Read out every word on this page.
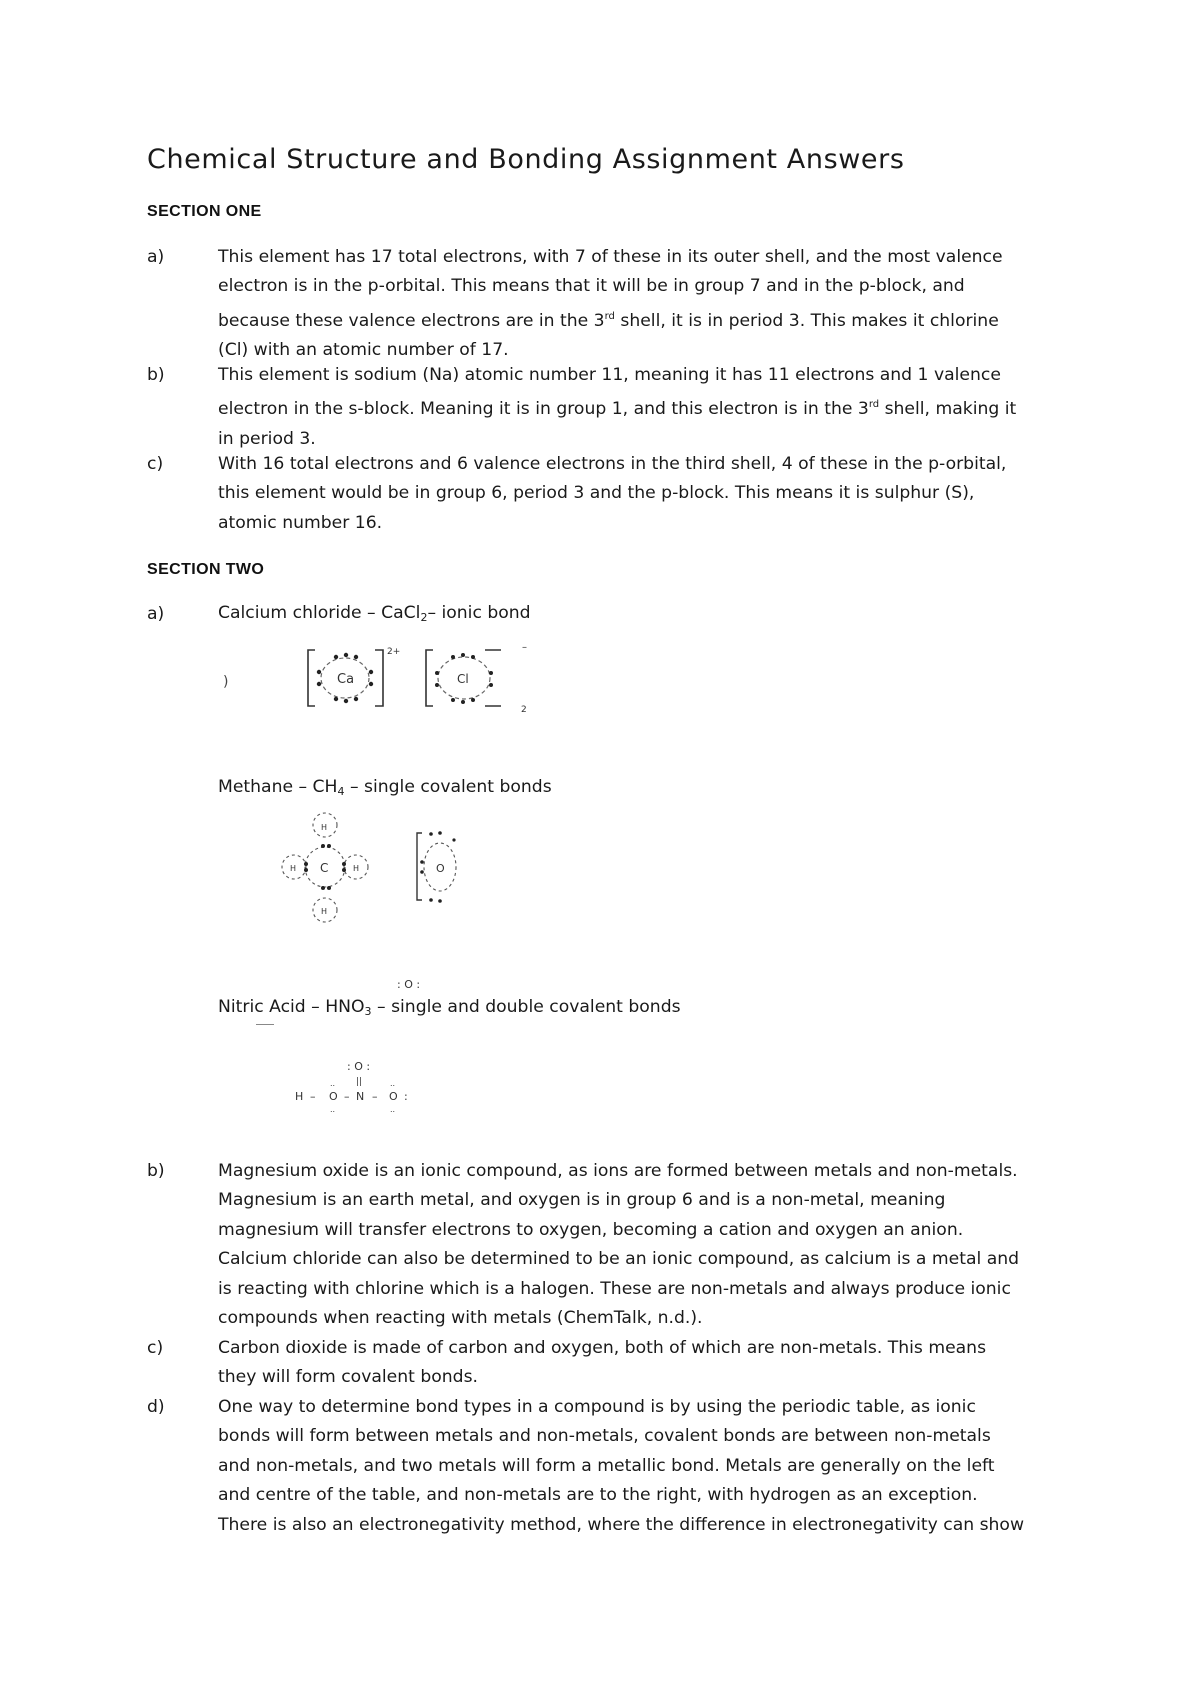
Chemical Structure and Bonding Assignment Answers
SECTION ONE
a)	This element has 17 total electrons, with 7 of these in its outer shell, and the most valence
electron is in the p-orbital. This means that it will be in group 7 and in the p-block, and
because these valence electrons are in the 3rd shell, it is in period 3. This makes it chlorine
(Cl) with an atomic number of 17.
b)	This element is sodium (Na) atomic number 11, meaning it has 11 electrons and 1 valence
electron in the s-block. Meaning it is in group 1, and this electron is in the 3rd shell, making it
in period 3.
c)	With 16 total electrons and 6 valence electrons in the third shell, 4 of these in the p-orbital,
this element would be in group 6, period 3 and the p-block. This means it is sulphur (S),
atomic number 16.
SECTION TWO
a)	Calcium chloride – CaCl$_2$– ionic bond
)	Ca
2+
Cl
–
2
Methane – $CH_4$ – single covalent bonds
H
C
H	H
H
O
: O :
Nitric Acid – $HNO_3$ – single and double covalent bonds
: O :
||
..	..
H – O – N – O :
..	..
b)	Magnesium oxide is an ionic compound, as ions are formed between metals and non-metals.
Magnesium is an earth metal, and oxygen is in group 6 and is a non-metal, meaning
magnesium will transfer electrons to oxygen, becoming a cation and oxygen an anion.
Calcium chloride can also be determined to be an ionic compound, as calcium is a metal and
is reacting with chlorine which is a halogen. These are non-metals and always produce ionic
compounds when reacting with metals (ChemTalk, n.d.).
c)	Carbon dioxide is made of carbon and oxygen, both of which are non-metals. This means
they will form covalent bonds.
d)	One way to determine bond types in a compound is by using the periodic table, as ionic
bonds will form between metals and non-metals, covalent bonds are between non-metals
and non-metals, and two metals will form a metallic bond. Metals are generally on the left
and centre of the table, and non-metals are to the right, with hydrogen as an exception.
There is also an electronegativity method, where the difference in electronegativity can show
